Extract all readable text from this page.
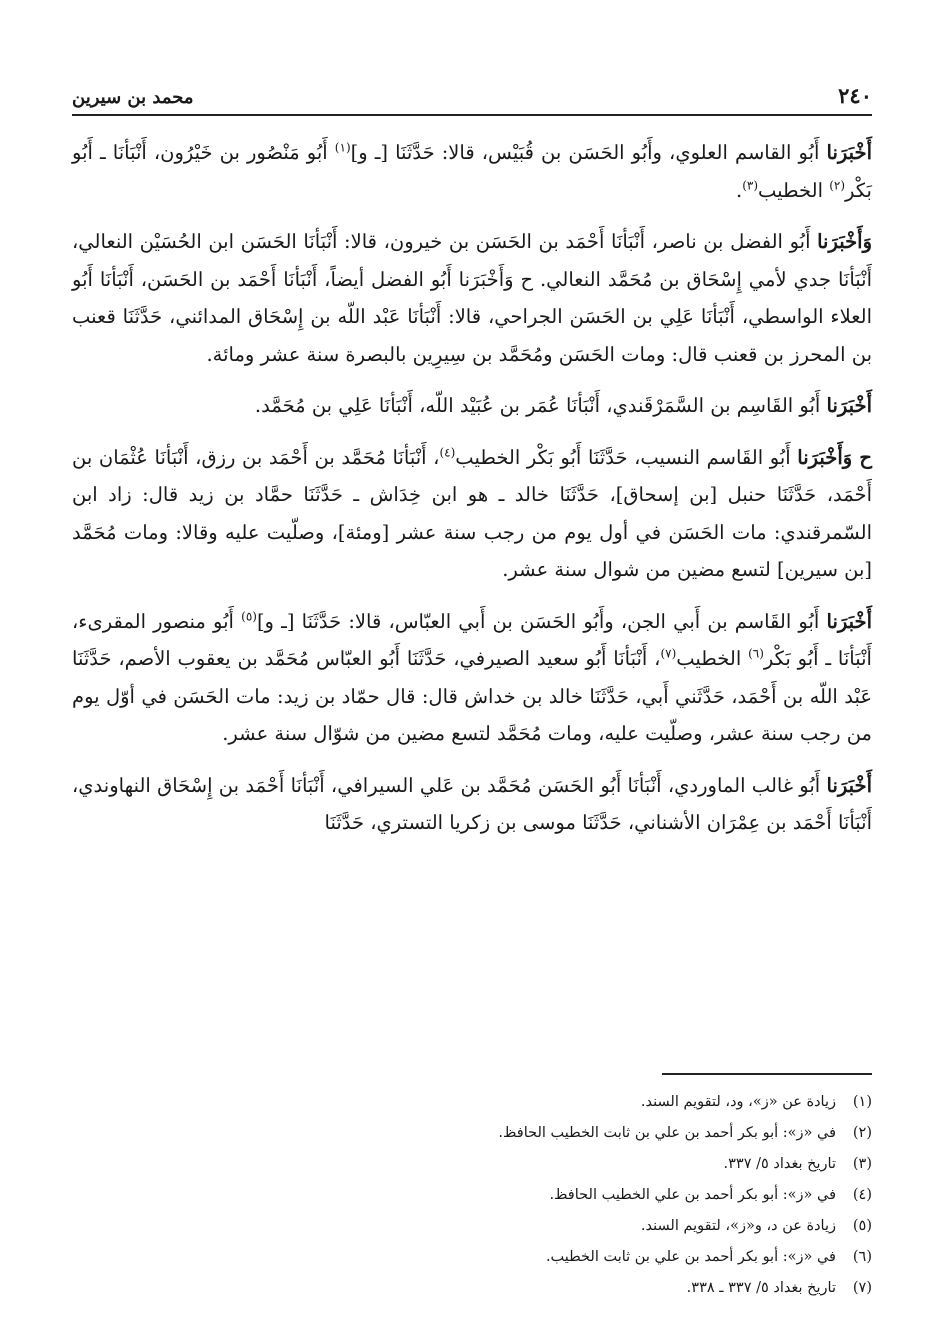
٢٤٠
محمد بن سيرين

أَخْبَرَنا أَبُو القاسم العلوي، وأَبُو الحَسَن بن قُبَيْس، قالا: حَدَّثَنَا [ـ و]$^{(١)}$ أَبُو مَنْصُور بن خَيْرُون، أَنْبَأنَا ـ أَبُو بَكْر$^{(٢)}$ الخطيب$^{(٣)}$.

وَأَخْبَرَنا أَبُو الفضل بن ناصر، أَنْبَأنَا أَحْمَد بن الحَسَن بن خيرون، قالا: أَنْبَأنَا الحَسَن ابن الحُسَيْن النعالي، أَنْبَأنَا جدي لأمي إِسْحَاق بن مُحَمَّد النعالي. ح وَأَخْبَرَنا أَبُو الفضل أيضاً، أَنْبَأنَا أَحْمَد بن الحَسَن، أَنْبَأنَا أَبُو العلاء الواسطي، أَنْبَأنَا عَلِي بن الحَسَن الجراحي، قالا: أَنْبَأنَا عَبْد اللّه بن إِسْحَاق المدائني، حَدَّثَنَا قعنب بن المحرز بن قعنب قال: ومات الحَسَن ومُحَمَّد بن سِيرِين بالبصرة سنة عشر ومائة.

أَخْبَرَنا أَبُو القَاسِم بن السَّمَرْقَندي، أَنْبَأنَا عُمَر بن عُبَيْد اللّه، أَنْبَأنَا عَلِي بن مُحَمَّد.

ح وَأَخْبَرَنا أَبُو القَاسم النسيب، حَدَّثَنَا أَبُو بَكْر الخطيب$^{(٤)}$، أَنْبَأنَا مُحَمَّد بن أَحْمَد بن رزق، أَنْبَأنَا عُثْمَان بن أَحْمَد، حَدَّثَنَا حنبل [بن إسحاق]، حَدَّثَنَا خالد ـ هو ابن خِدَاش ـ حَدَّثَنَا حمَّاد بن زيد قال: زاد ابن السّمرقندي: مات الحَسَن في أول يوم من رجب سنة عشر [ومئة]، وصلّيت عليه وقالا: ومات مُحَمَّد [بن سيرين] لتسع مضين من شوال سنة عشر.

أَخْبَرَنا أَبُو القَاسم بن أَبي الجن، وأَبُو الحَسَن بن أَبي العبّاس، قالا: حَدَّثَنَا [ـ و]$^{(٥)}$ أَبُو منصور المقرىء، أَنْبَأنَا ـ أَبُو بَكْر$^{(٦)}$ الخطيب$^{(٧)}$، أَنْبَأنَا أَبُو سعيد الصيرفي، حَدَّثَنَا أَبُو العبّاس مُحَمَّد بن يعقوب الأصم، حَدَّثَنَا عَبْد اللّه بن أَحْمَد، حَدَّثَني أَبي، حَدَّثَنَا خالد بن خداش قال: قال حمّاد بن زيد: مات الحَسَن في أوّل يوم من رجب سنة عشر، وصلّيت عليه، ومات مُحَمَّد لتسع مضين من شوّال سنة عشر.

أَخْبَرَنا أَبُو غالب الماوردي، أَنْبَأنَا أَبُو الحَسَن مُحَمَّد بن عَلي السيرافي، أَنْبَأنَا أَحْمَد بن إِسْحَاق النهاوندي، أَنْبَأنَا أَحْمَد بن عِمْرَان الأشناني، حَدَّثَنَا موسى بن زكريا التستري، حَدَّثَنَا

(١)
زيادة عن «ز»، ود، لتقويم السند.
(٢)
في «ز»: أبو بكر أحمد بن علي بن ثابت الخطيب الحافظ.
(٣)
تاريخ بغداد ٥/ ٣٣٧.
(٤)
في «ز»: أبو بكر أحمد بن علي الخطيب الحافظ.
(٥)
زيادة عن د، و«ز»، لتقويم السند.
(٦)
في «ز»: أبو بكر أحمد بن علي بن ثابت الخطيب.
(٧)
تاريخ بغداد ٥/ ٣٣٧ ـ ٣٣٨.
